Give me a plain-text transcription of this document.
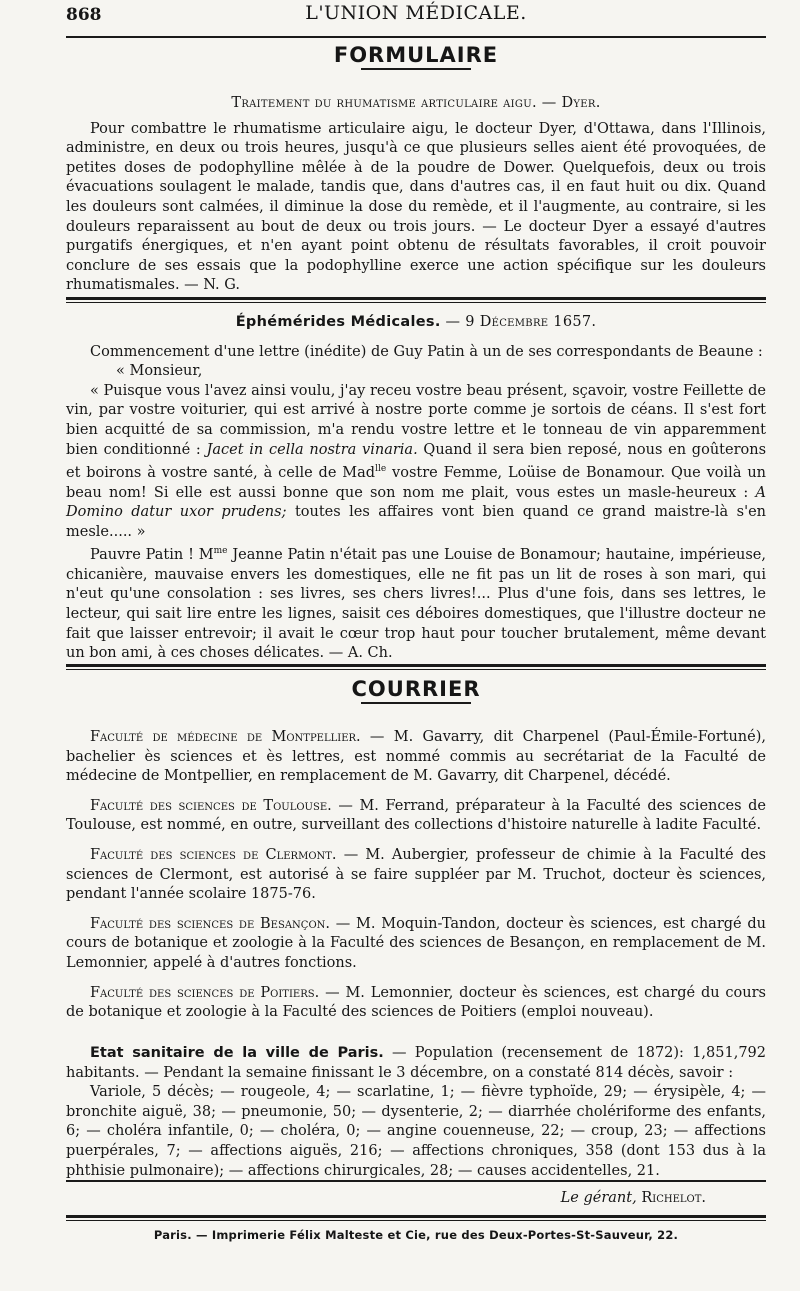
868	L'UNION MÉDICALE.
FORMULAIRE

Traitement du rhumatisme articulaire aigu. — Dyer.

Pour combattre le rhumatisme articulaire aigu, le docteur Dyer, d'Ottawa, dans l'Illinois, administre, en deux ou trois heures, jusqu'à ce que plusieurs selles aient été provoquées, de petites doses de podophylline mêlée à de la poudre de Dower. Quelquefois, deux ou trois évacuations soulagent le malade, tandis que, dans d'autres cas, il en faut huit ou dix. Quand les douleurs sont calmées, il diminue la dose du remède, et il l'augmente, au contraire, si les douleurs reparaissent au bout de deux ou trois jours. — Le docteur Dyer a essayé d'autres purgatifs énergiques, et n'en ayant point obtenu de résultats favorables, il croit pouvoir conclure de ses essais que la podophylline exerce une action spécifique sur les douleurs rhumatismales. — N. G.

Éphémérides Médicales. — 9 Décembre 1657.

Commencement d'une lettre (inédite) de Guy Patin à un de ses correspondants de Beaune :

« Monsieur,

« Puisque vous l'avez ainsi voulu, j'ay receu vostre beau présent, sçavoir, vostre Feillette de vin, par vostre voiturier, qui est arrivé à nostre porte comme je sortois de céans. Il s'est fort bien acquitté de sa commission, m'a rendu vostre lettre et le tonneau de vin apparemment bien conditionné : Jacet in cella nostra vinaria. Quand il sera bien reposé, nous en goûterons et boirons à vostre santé, à celle de Mad$^{lle}$ vostre Femme, Loüise de Bonamour. Que voilà un beau nom! Si elle est aussi bonne que son nom me plait, vous estes un masle-heureux : A Domino datur uxor prudens; toutes les affaires vont bien quand ce grand maistre-là s'en mesle..... »

Pauvre Patin ! $M^{me}$ Jeanne Patin n'était pas une Louise de Bonamour; hautaine, impérieuse, chicanière, mauvaise envers les domestiques, elle ne fit pas un lit de roses à son mari, qui n'eut qu'une consolation : ses livres, ses chers livres!... Plus d'une fois, dans ses lettres, le lecteur, qui sait lire entre les lignes, saisit ces déboires domestiques, que l'illustre docteur ne fait que laisser entrevoir; il avait le cœur trop haut pour toucher brutalement, même devant un bon ami, à ces choses délicates. — A. Ch.

COURRIER

Faculté de médecine de Montpellier. — M. Gavarry, dit Charpenel (Paul-Émile-Fortuné), bachelier ès sciences et ès lettres, est nommé commis au secrétariat de la Faculté de médecine de Montpellier, en remplacement de M. Gavarry, dit Charpenel, décédé.

Faculté des sciences de Toulouse. — M. Ferrand, préparateur à la Faculté des sciences de Toulouse, est nommé, en outre, surveillant des collections d'histoire naturelle à ladite Faculté.

Faculté des sciences de Clermont. — M. Aubergier, professeur de chimie à la Faculté des sciences de Clermont, est autorisé à se faire suppléer par M. Truchot, docteur ès sciences, pendant l'année scolaire 1875-76.

Faculté des sciences de Besançon. — M. Moquin-Tandon, docteur ès sciences, est chargé du cours de botanique et zoologie à la Faculté des sciences de Besançon, en remplacement de M. Lemonnier, appelé à d'autres fonctions.

Faculté des sciences de Poitiers. — M. Lemonnier, docteur ès sciences, est chargé du cours de botanique et zoologie à la Faculté des sciences de Poitiers (emploi nouveau).

Etat sanitaire de la ville de Paris. — Population (recensement de 1872): 1,851,792 habitants. — Pendant la semaine finissant le 3 décembre, on a constaté 814 décès, savoir :

Variole, 5 décès; — rougeole, 4; — scarlatine, 1; — fièvre typhoïde, 29; — érysipèle, 4; — bronchite aiguë, 38; — pneumonie, 50; — dysenterie, 2; — diarrhée cholériforme des enfants, 6; — choléra infantile, 0; — choléra, 0; — angine couenneuse, 22; — croup, 23; — affections puerpérales, 7; — affections aiguës, 216; — affections chroniques, 358 (dont 153 dus à la phthisie pulmonaire); — affections chirurgicales, 28; — causes accidentelles, 21.

Le gérant, Richelot.
Paris. — Imprimerie Félix Malteste et Cie, rue des Deux-Portes-St-Sauveur, 22.
